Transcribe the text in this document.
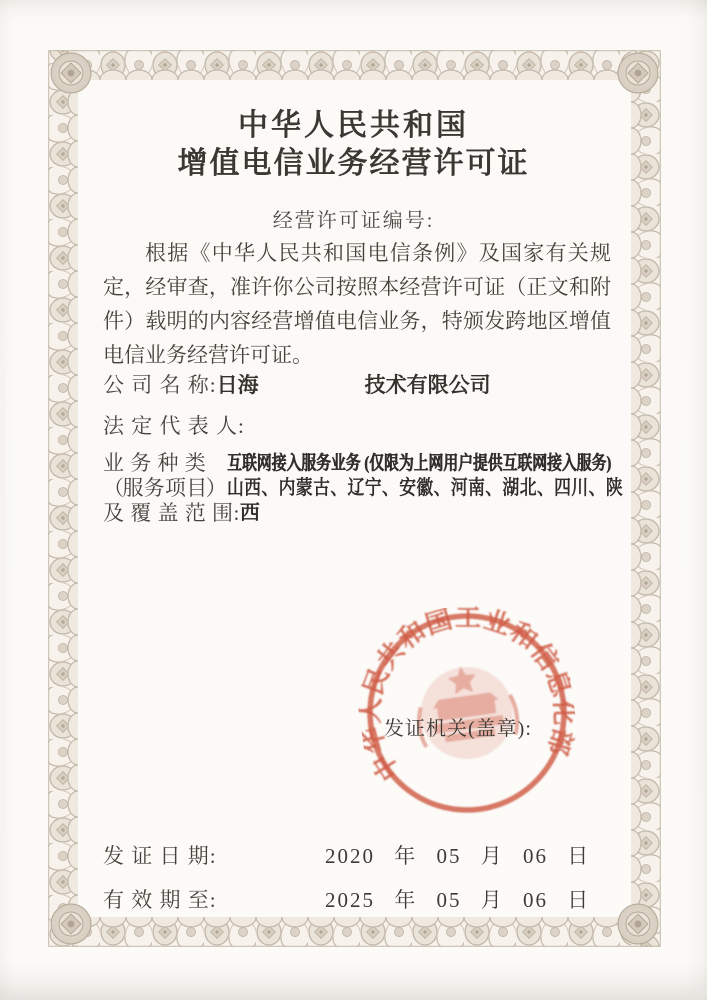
中华人民共和国
增值电信业务经营许可证
经营许可证编号:
根据《中华人民共和国电信条例》及国家有关规定，经审查，准许你公司按照本经营许可证（正文和附件）载明的内容经营增值电信业务，特颁发跨地区增值电信业务经营许可证。
公 司 名 称:日海	技术有限公司
法 定 代 表 人:
业 务 种 类 互联网接入服务业务 (仅限为上网用户提供互联网接入服务)
（服 务 项 目）山西、内蒙古、辽宁、安徽、河南、湖北、四川、陕
及 覆 盖 范 围:西
中华人民共和国工业和信息化部
发证机关(盖章):
发 证 日 期:	2020 年 05 月 06 日
有 效 期 至:	2025 年 05 月 06 日
